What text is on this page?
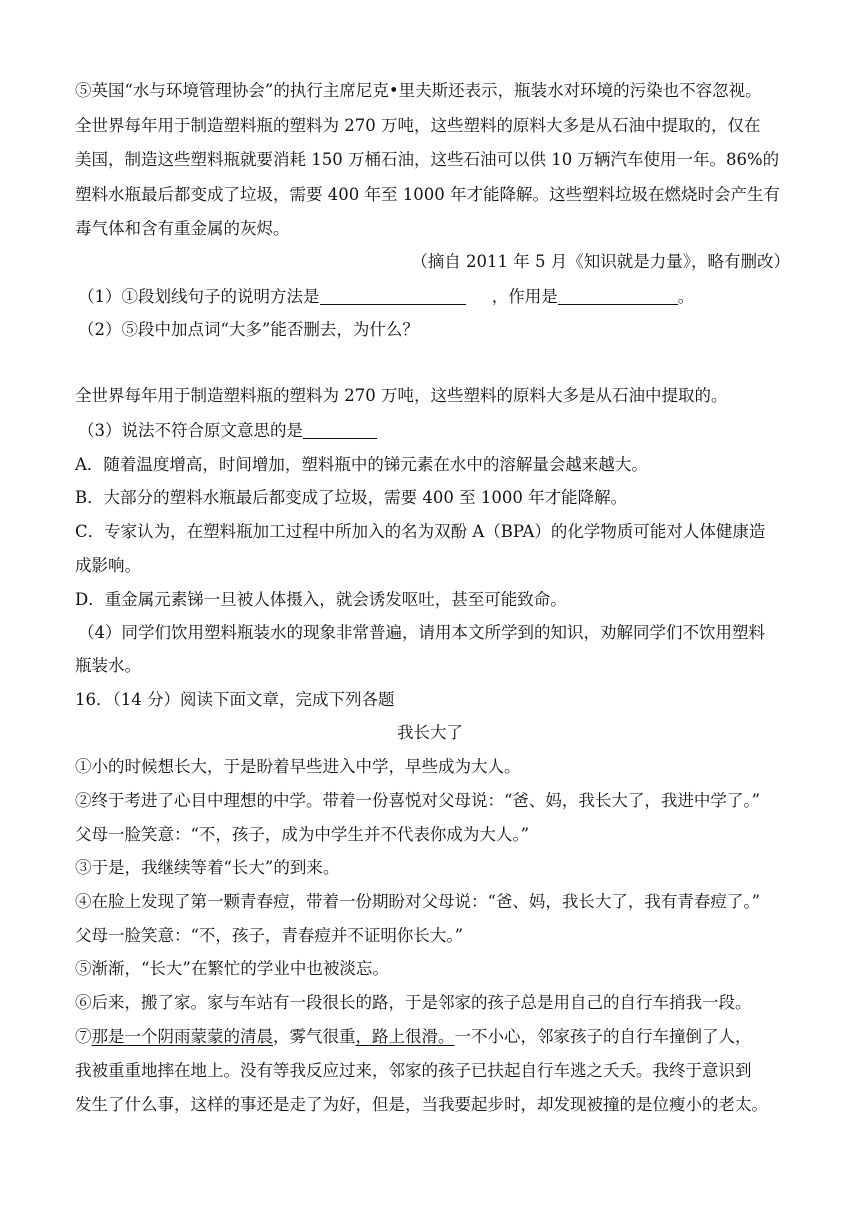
⑤英国“水与环境管理协会”的执行主席尼克•里夫斯还表示，瓶装水对环境的污染也不容忽视。
全世界每年用于制造塑料瓶的塑料为 270 万吨，这些塑料的原料大多是从石油中提取的，仅在
美国，制造这些塑料瓶就要消耗 150 万桶石油，这些石油可以供 10 万辆汽车使用一年。86%的
塑料水瓶最后都变成了垃圾，需要 400 年至 1000 年才能降解。这些塑料垃圾在燃烧时会产生有
毒气体和含有重金属的灰烬。
（摘自 2011 年 5 月《知识就是力量》，略有删改）
（1）①段划线句子的说明方法是	，作用是	。
（2）⑤段中加点词“大多”能否删去，为什么？
全世界每年用于制造塑料瓶的塑料为 270 万吨，这些塑料的原料大多是从石油中提取的。
（3）说法不符合原文意思的是
A．随着温度增高，时间增加，塑料瓶中的锑元素在水中的溶解量会越来越大。
B．大部分的塑料水瓶最后都变成了垃圾，需要 400 至 1000 年才能降解。
C．专家认为，在塑料瓶加工过程中所加入的名为双酚 A（BPA）的化学物质可能对人体健康造
成影响。
D．重金属元素锑一旦被人体摄入，就会诱发呕吐，甚至可能致命。
（4）同学们饮用塑料瓶装水的现象非常普遍，请用本文所学到的知识，劝解同学们不饮用塑料
瓶装水。
16．（14 分）阅读下面文章，完成下列各题
我长大了
①小的时候想长大，于是盼着早些进入中学，早些成为大人。
②终于考进了心目中理想的中学。带着一份喜悦对父母说：“爸、妈，我长大了，我进中学了。”
父母一脸笑意：“不，孩子，成为中学生并不代表你成为大人。”
③于是，我继续等着“长大”的到来。
④在脸上发现了第一颗青春痘，带着一份期盼对父母说：“爸、妈，我长大了，我有青春痘了。”
父母一脸笑意：“不，孩子，青春痘并不证明你长大。”
⑤渐渐，“长大”在繁忙的学业中也被淡忘。
⑥后来，搬了家。家与车站有一段很长的路，于是邻家的孩子总是用自己的自行车捎我一段。
⑦那是一个阴雨蒙蒙的清晨，雾气很重，路上很滑。一不小心，邻家孩子的自行车撞倒了人，
我被重重地摔在地上。没有等我反应过来，邻家的孩子已扶起自行车逃之夭夭。我终于意识到
发生了什么事，这样的事还是走了为好，但是，当我要起步时，却发现被撞的是位瘦小的老太。
